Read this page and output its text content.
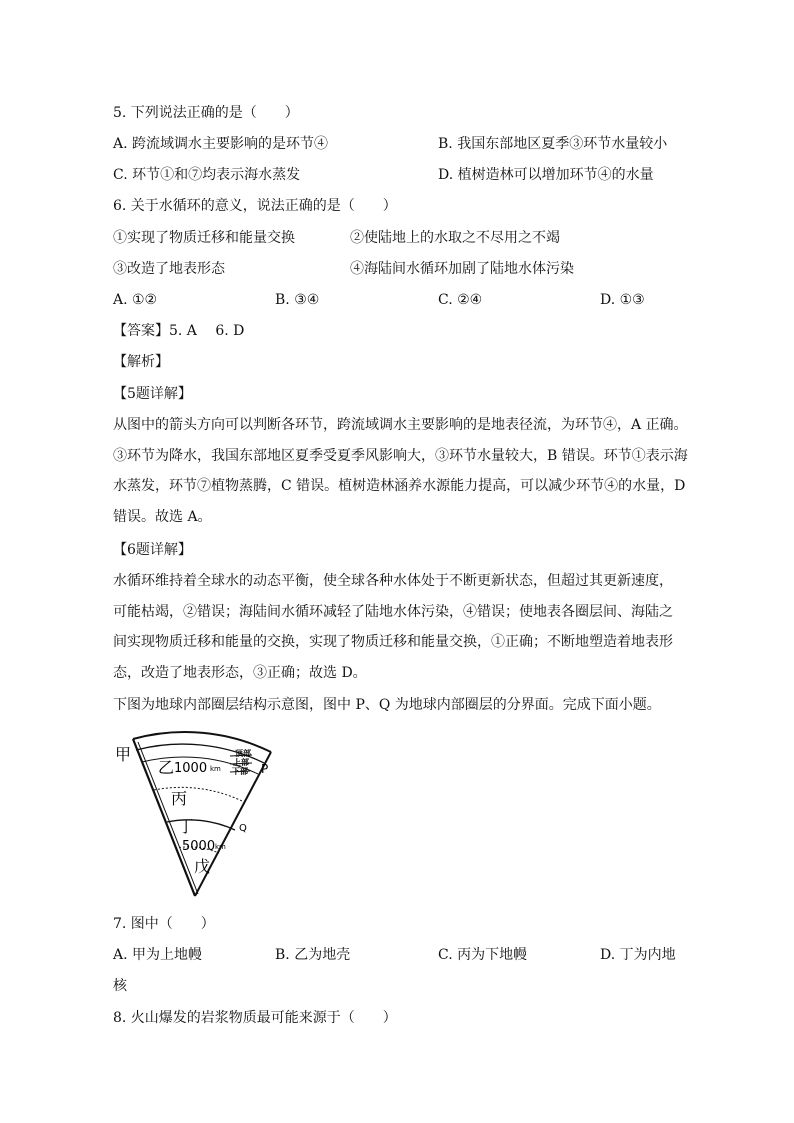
5. 下列说法正确的是（　　）
A. 跨流域调水主要影响的是环节④	B. 我国东部地区夏季③环节水量较小
C. 环节①和⑦均表示海水蒸发	D. 植树造林可以增加环节④的水量
6. 关于水循环的意义，说法正确的是（　　）
①实现了物质迁移和能量交换	②使陆地上的水取之不尽用之不竭
③改造了地表形态	④海陆间水循环加剧了陆地水体污染
A. ①②	B. ③④	C. ②④	D. ①③
【答案】5. A　 6. D
【解析】
【5题详解】
从图中的箭头方向可以判断各环节，跨流域调水主要影响的是地表径流，为环节④，A 正确。
③环节为降水，我国东部地区夏季受夏季风影响大，③环节水量较大，B 错误。环节①表示海
水蒸发，环节⑦植物蒸腾，C 错误。植树造林涵养水源能力提高，可以减少环节④的水量，D
错误。故选 A。
【6题详解】
水循环维持着全球水的动态平衡，使全球各种水体处于不断更新状态，但超过其更新速度，
可能枯竭，②错误；海陆间水循环减轻了陆地水体污染，④错误；使地表各圈层间、海陆之
间实现物质迁移和能量的交换，实现了物质迁移和能量交换，①正确；不断地塑造着地表形
态，改造了地表形态，③正确；故选 D。
下图为地球内部圈层结构示意图，图中 P、Q 为地球内部圈层的分界面。完成下面小题。
甲
乙 1000 km
顶部
上部
下部 P
丙
丁	Q
5000 km
戊
7. 图中（　　）
A. 甲为上地幔	B. 乙为地壳	C. 丙为下地幔	D. 丁为内地
核
8. 火山爆发的岩浆物质最可能来源于（　　）
